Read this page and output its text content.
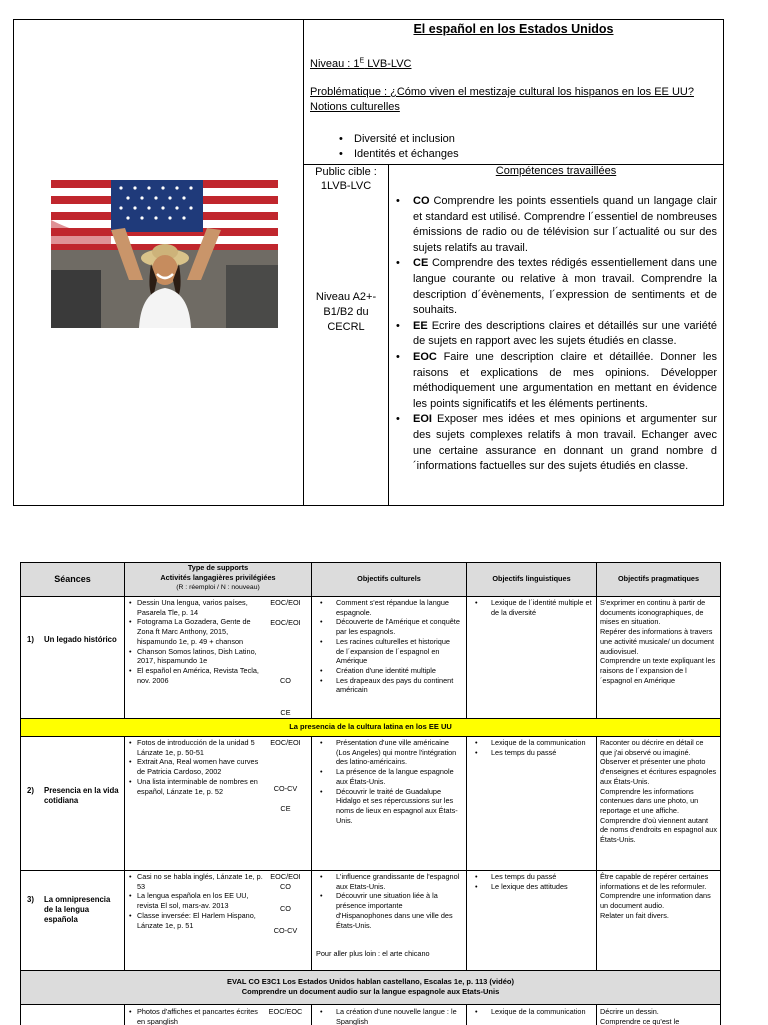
El español en los Estados Unidos
Niveau : $1^E$ LVB-LVC
Problématique : ¿Cómo viven el mestizaje cultural los hispanos en los EE UU?
Notions culturelles
• Diversité et inclusion
• Identités et échanges
Public cible :
1LVB-LVC
Niveau A2+-
B1/B2 du
CECRL
Compétences travaillées
• CO Comprendre les points essentiels quand un langage clair et standard est utilisé. Comprendre l´essentiel de nombreuses émissions de radio ou de télévision sur l´actualité ou sur des sujets relatifs au travail.
• CE Comprendre des textes rédigés essentiellement dans une langue courante ou relative à mon travail. Comprendre la description d´évènements, l´expression de sentiments et de souhaits.
• EE Ecrire des descriptions claires et détaillés sur une variété de sujets en rapport avec les sujets étudiés en classe.
• EOC Faire une description claire et détaillée. Donner les raisons et explications de mes opinions. Développer méthodiquement une argumentation en mettant en évidence les points significatifs et les éléments pertinents.
• EOI Exposer mes idées et mes opinions et argumenter sur des sujets complexes relatifs à mon travail. Echanger avec une certaine assurance en donnant un grand nombre d´informations factuelles sur des sujets étudiés en classe.
Séances
Type de supports
Activités langagières privilégiées
(R : réemploi / N : nouveau)
Objectifs culturels	Objectifs linguistiques	Objectifs pragmatiques
1)	Un legado histórico
• Dessin Una lengua, varios países, Pasarela Tle, p. 14
• Fotograma La Gozadera, Gente de Zona ft Marc Anthony, 2015, hispamundo 1e, p. 49 + chanson
• Chanson Somos latinos, Dish Latino, 2017, hispamundo 1e
• El español en América, Revista Tecla, nov. 2006
EOC/EOI
EOC/EOI
CO
CE
• Comment s'est répandue la langue espagnole.
• Découverte de l'Amérique et conquête par les espagnols.
• Les racines culturelles et historique de l´expansion de l´espagnol en Amérique
• Création d'une identité multiple
• Les drapeaux des pays du continent américain
• Lexique de l´identité multiple et de la diversité
S'exprimer en continu à partir de documents iconographiques, de mises en situation.
Repérer des informations à travers une activité musicale/ un document audiovisuel.
Comprendre un texte expliquant les raisons de l´expansion de l´espagnol en Amérique
La presencia de la cultura latina en los EE UU
2)	Presencia en la vida cotidiana
• Fotos de introducción de la unidad 5 Lánzate 1e, p. 50-51
• Extrait Ana, Real women have curves de Patricia Cardoso, 2002
• Una lista interminable de nombres en español, Lánzate 1e, p. 52
EOC/EOI
CO-CV
CE
• Présentation d'une ville américaine (Los Angeles) qui montre l'intégration des latino-américains.
• La présence de la langue espagnole aux États-Unis.
• Découvrir le traité de Guadalupe Hidalgo et ses répercussions sur les noms de lieux en espagnol aux États-Unis.
• Lexique de la communication
• Les temps du passé
Raconter ou décrire en détail ce que j'ai observé ou imaginé.
Observer et présenter une photo d'enseignes et écritures espagnoles aux États-Unis.
Comprendre les informations contenues dans une photo, un reportage et une affiche.
Comprendre d'où viennent autant de noms d'endroits en espagnol aux États-Unis.
3)	La omnipresencia de la lengua española
• Casi no se habla inglés, Lánzate 1e, p. 53
• La lengua española en los EE UU, revista El sol, mars-av. 2013
• Classe inversée: El Harlem Hispano, Lánzate 1e, p. 51
EOC/EOI
CO
CO
CO-CV
• L'influence grandissante de l'espagnol aux Etats-Unis.
• Découvrir une situation liée à la présence importante d'Hispanophones dans une ville des États-Unis.
Pour aller plus loin : el arte chicano
• Les temps du passé
• Le lexique des attitudes
Être capable de repérer certaines informations et de les reformuler.
Comprendre une information dans un document audio.
Relater un fait divers.
EVAL CO E3C1 Los Estados Unidos hablan castellano, Escalas 1e, p. 113 (vidéo)
Comprendre un document audio sur la langue espagnole aux Etats-Unis
• Photos d'affiches et pancartes écrites en spanglish
EOC/EOC
•	La création d'une nouvelle langue : le Spanglish
• Lexique de la communication	Décrire un dessin.
Comprendre ce qu'est le
